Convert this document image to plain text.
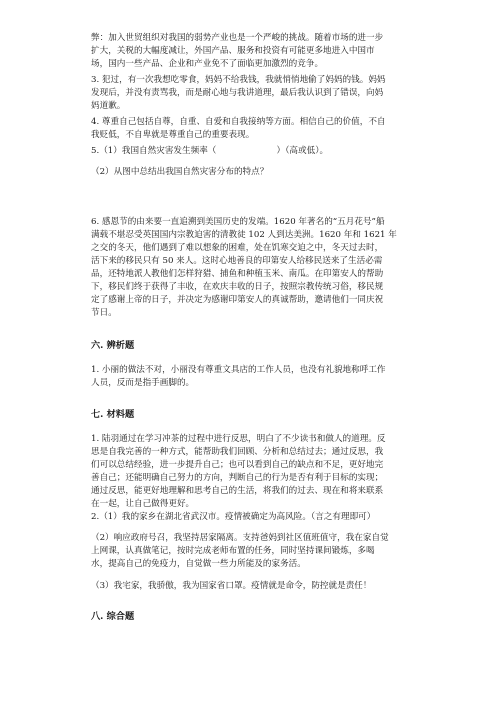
弊：加入世贸组织对我国的弱势产业也是一个严峻的挑战。随着市场的进一步
扩大，关税的大幅度减让，外国产品、服务和投资有可能更多地进入中国市
场，国内一些产品、企业和产业免不了面临更加激烈的竞争。
3. 犯过，有一次我想吃零食，妈妈不给我钱，我就悄悄地偷了妈妈的钱。妈妈
发现后，并没有责骂我，而是耐心地与我讲道理，最后我认识到了错误，向妈
妈道歉。
4. 尊重自己包括自尊，自重、自爱和自我接纳等方面。相信自己的价值，不自
我贬低，不自卑就是尊重自己的重要表现。
5.（1）我国自然灾害发生频率（　　　　　　　）（高或低）。
（2）从图中总结出我国自然灾害分布的特点？
6. 感恩节的由来要一直追溯到美国历史的发端。1620 年著名的“五月花号”船
满载不堪忍受英国国内宗教迫害的清教徒 102 人到达美洲。1620 年和 1621 年
之交的冬天，他们遇到了难以想象的困难，处在饥寒交迫之中，冬天过去时，
活下来的移民只有 50 来人。这时心地善良的印第安人给移民送来了生活必需
品，还特地派人教他们怎样狩猎、捕鱼和种植玉米、南瓜。在印第安人的帮助
下，移民们终于获得了丰收，在欢庆丰收的日子，按照宗教传统习俗，移民规
定了感谢上帝的日子，并决定为感谢印第安人的真诚帮助，邀请他们一同庆祝
节日。
1. 小丽的做法不对，小丽没有尊重文具店的工作人员，也没有礼貌地称呼工作
人员，反而是指手画脚的。
1. 陆羽通过在学习冲茶的过程中进行反思，明白了不少读书和做人的道理。反
思是自我完善的一种方式，能帮助我们回顾、分析和总结过去；通过反思，我
们可以总结经验，进一步提升自己；也可以看到自己的缺点和不足，更好地完
善自己；还能明确自己努力的方向，判断自己的行为是否有利于目标的实现；
通过反思，能更好地理解和思考自己的生活，将我们的过去、现在和将来联系
在一起，让自己做得更好。
2.（1）我的家乡在湖北省武汉市。疫情被确定为高风险。（言之有理即可）
（2）响应政府号召，我坚持居家隔离。支持爸妈到社区值班值守，我在家自觉
上网课，认真做笔记，按时完成老师布置的任务，同时坚持课间锻炼，多喝
水，提高自己的免疫力，自觉做一些力所能及的家务活。
（3）我宅家，我骄傲，我为国家省口罩。疫情就是命令，防控就是责任！
六. 辨析题
七. 材料题
八. 综合题
